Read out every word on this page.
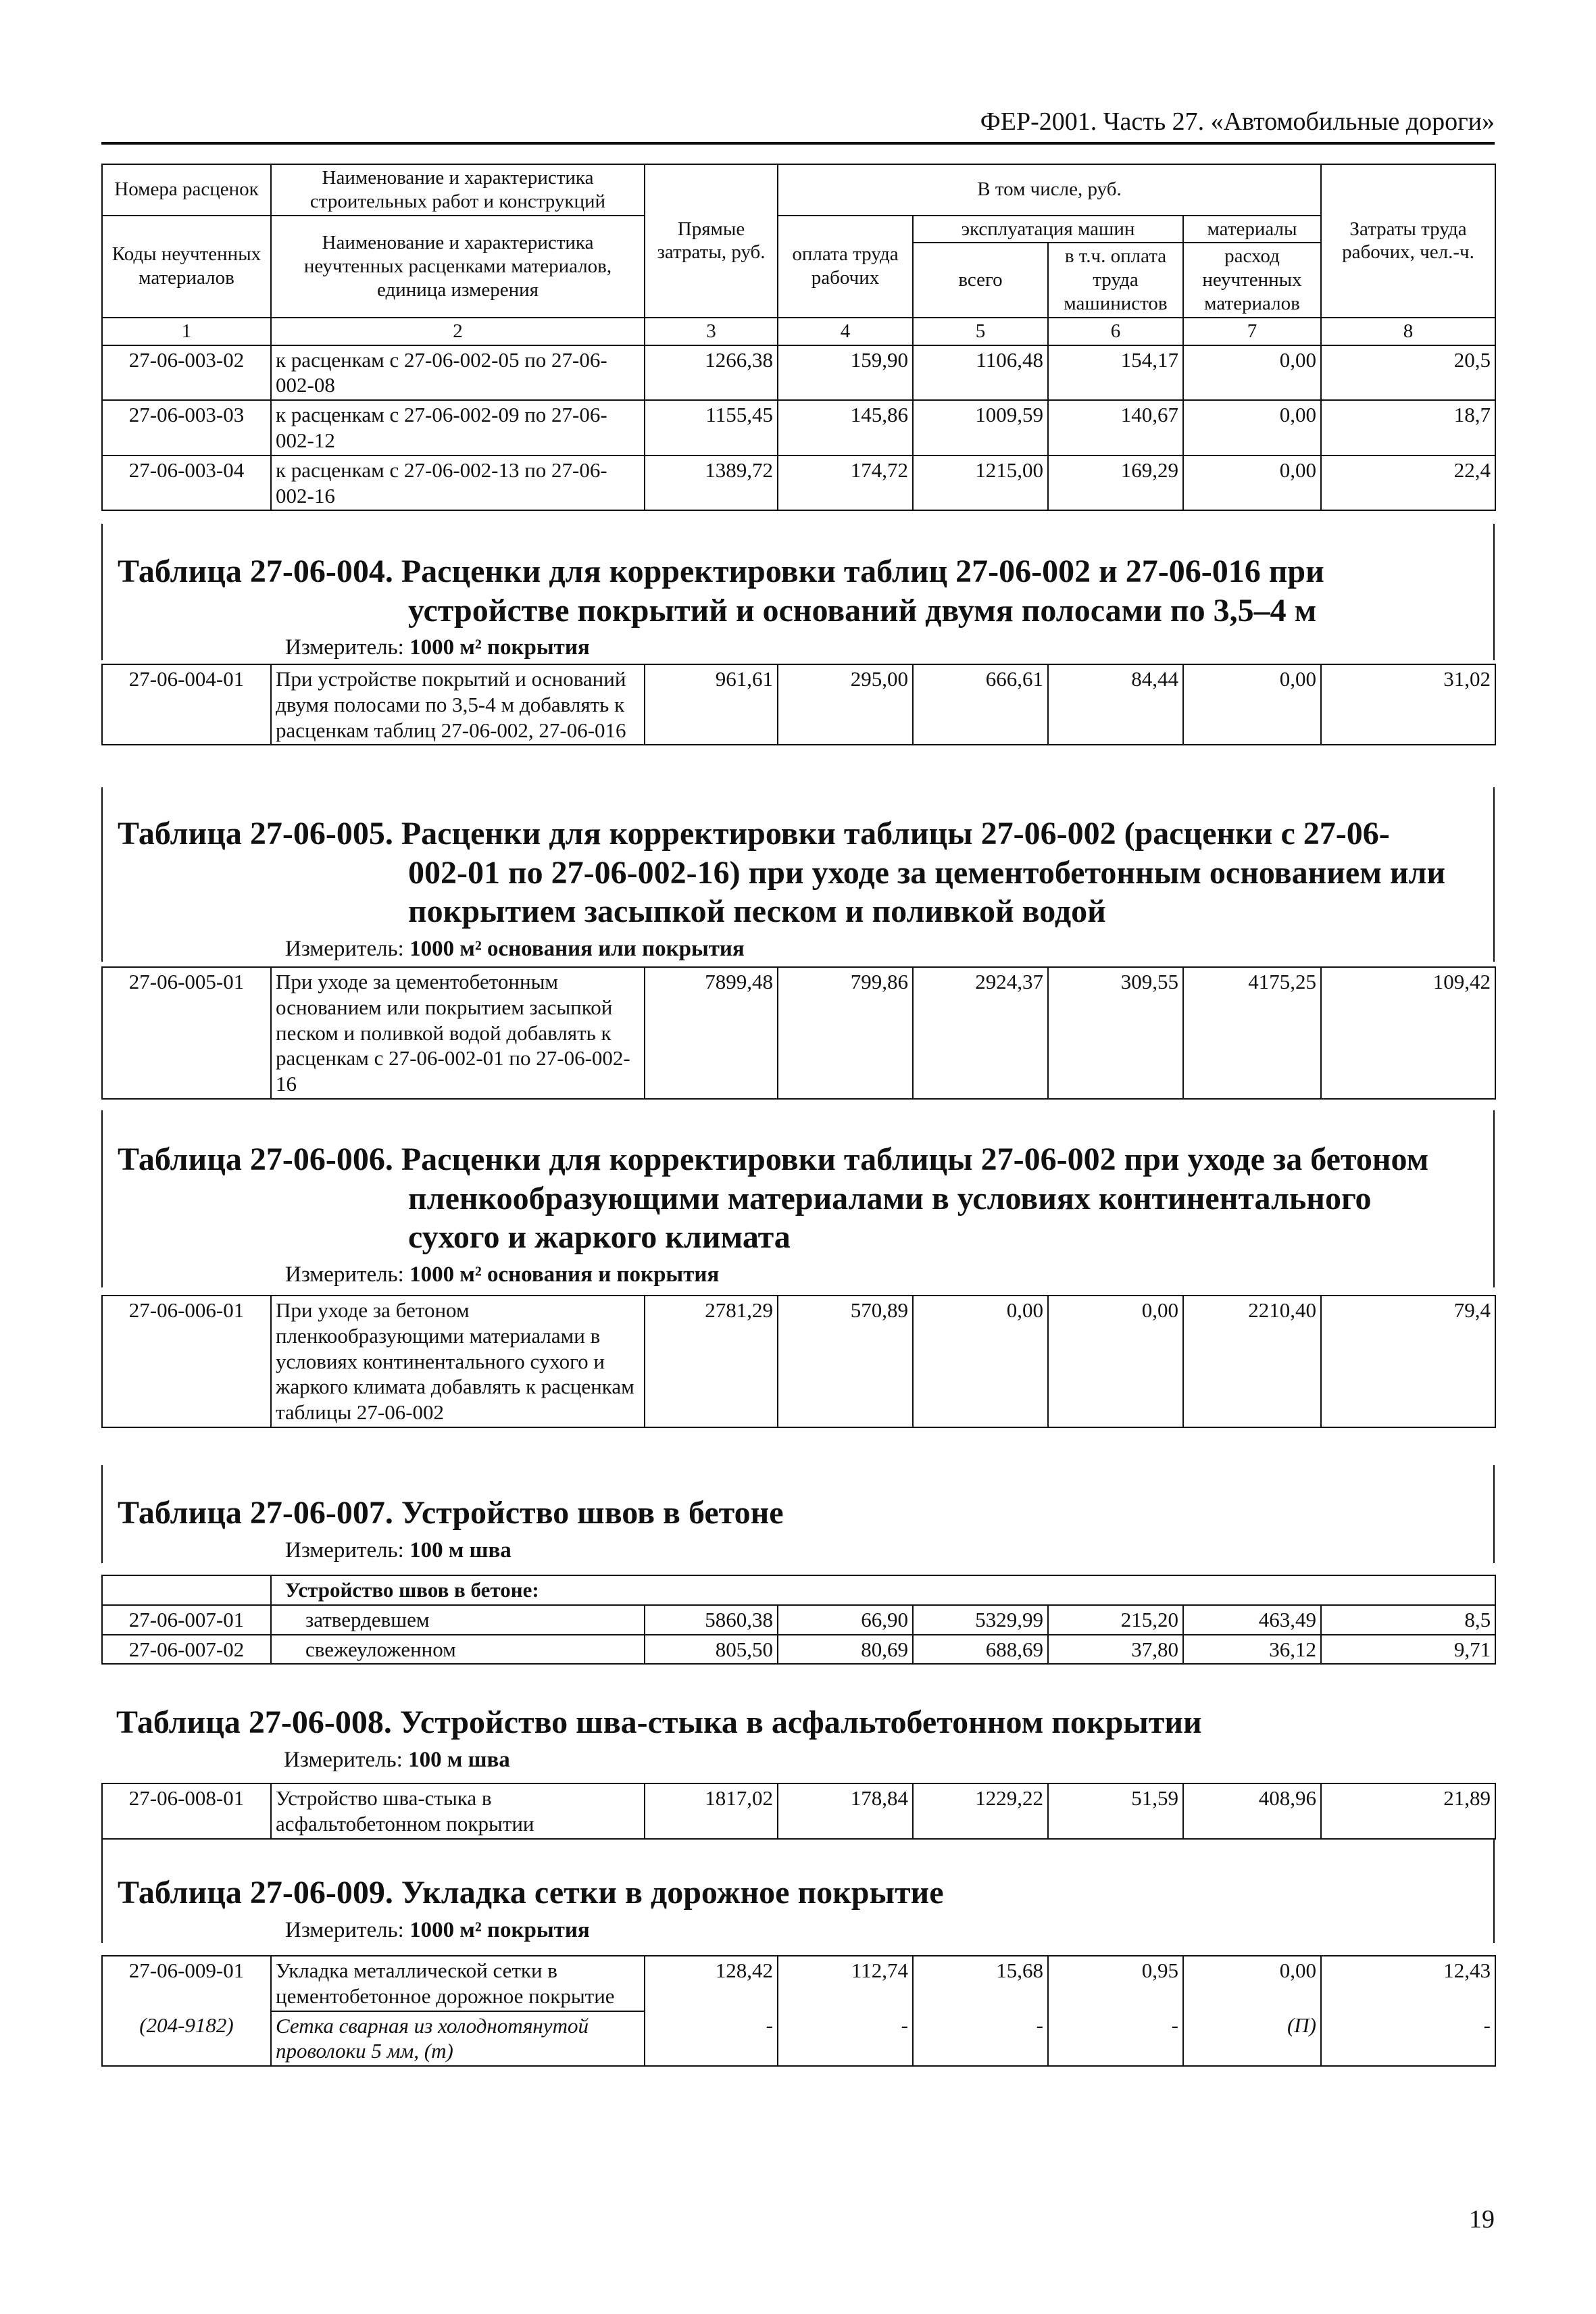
ФЕР-2001. Часть 27. «Автомобильные дороги»
Номера расценок	Наименование и характеристика строительных работ и конструкций	Прямые затраты, руб.	В том числе, руб.				Затраты труда рабочих, чел.-ч.
Коды неучтенных материалов	Наименование и характеристика неучтенных расценками материалов, единица измерения		оплата труда рабочих	эксплуатация машин		материалы	
				всего	в т.ч. оплата труда машинистов	расход неучтенных материалов	
1	2	3	4	5	6	7	8
27-06-003-02	к расценкам с 27-06-002-05 по 27-06-002-08	1266,38	159,90	1106,48	154,17	0,00	20,5
27-06-003-03	к расценкам с 27-06-002-09 по 27-06-002-12	1155,45	145,86	1009,59	140,67	0,00	18,7
27-06-003-04	к расценкам с 27-06-002-13 по 27-06-002-16	1389,72	174,72	1215,00	169,29	0,00	22,4
Таблица 27-06-004. Расценки для корректировки таблиц 27-06-002 и 27-06-016 при
устройстве покрытий и оснований двумя полосами по 3,5–4 м
Измеритель: 1000 м² покрытия
27-06-004-01	При устройстве покрытий и оснований двумя полосами по 3,5-4 м добавлять к расценкам таблиц 27-06-002, 27-06-016	961,61	295,00	666,61	84,44	0,00	31,02
Таблица 27-06-005. Расценки для корректировки таблицы 27-06-002 (расценки с 27-06-
002-01 по 27-06-002-16) при уходе за цементобетонным основанием или
покрытием засыпкой песком и поливкой водой
Измеритель: 1000 м² основания или покрытия
27-06-005-01	При уходе за цементобетонным основанием или покрытием засыпкой песком и поливкой водой добавлять к расценкам с 27-06-002-01 по 27-06-002-16	7899,48	799,86	2924,37	309,55	4175,25	109,42
Таблица 27-06-006. Расценки для корректировки таблицы 27-06-002 при уходе за бетоном
пленкообразующими материалами в условиях континентального
сухого и жаркого климата
Измеритель: 1000 м² основания и покрытия
27-06-006-01	При уходе за бетоном пленкообразующими материалами в условиях континентального сухого и жаркого климата добавлять к расценкам таблицы 27-06-002	2781,29	570,89	0,00	0,00	2210,40	79,4
Таблица 27-06-007. Устройство швов в бетоне
Измеритель: 100 м шва
	Устройство швов в бетоне:						
27-06-007-01	затвердевшем	5860,38	66,90	5329,99	215,20	463,49	8,5
27-06-007-02	свежеуложенном	805,50	80,69	688,69	37,80	36,12	9,71
Таблица 27-06-008. Устройство шва-стыка в асфальтобетонном покрытии
Измеритель: 100 м шва
27-06-008-01	Устройство шва-стыка в асфальтобетонном покрытии	1817,02	178,84	1229,22	51,59	408,96	21,89
Таблица 27-06-009. Укладка сетки в дорожное покрытие
Измеритель: 1000 м² покрытия
27-06-009-01	Укладка металлической сетки в цементобетонное дорожное покрытие	128,42	112,74	15,68	0,95	0,00	12,43
(204-9182)	Сетка сварная из холоднотянутой проволоки 5 мм, (т)	-	-	-	-	(П)	-
19
